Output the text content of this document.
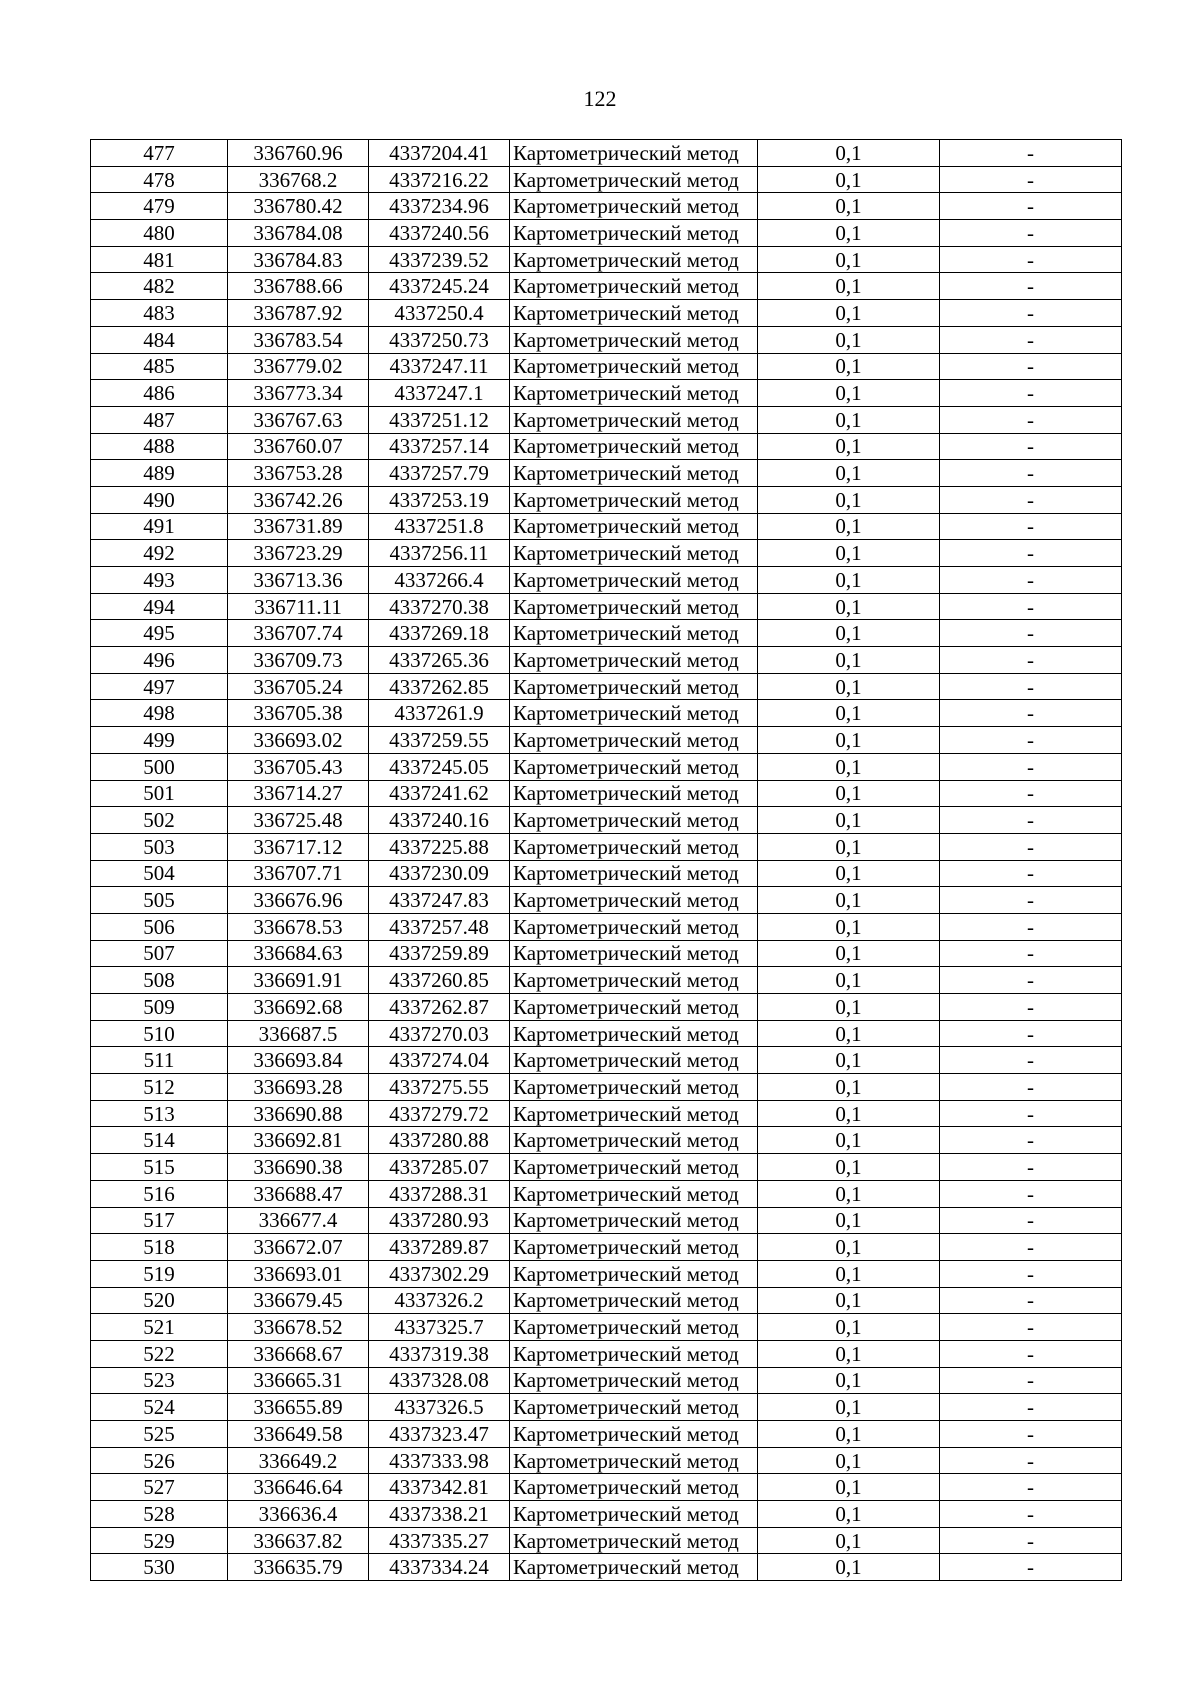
122
477	336760.96	4337204.41	Картометрический метод	0,1	-
478	336768.2	4337216.22	Картометрический метод	0,1	-
479	336780.42	4337234.96	Картометрический метод	0,1	-
480	336784.08	4337240.56	Картометрический метод	0,1	-
481	336784.83	4337239.52	Картометрический метод	0,1	-
482	336788.66	4337245.24	Картометрический метод	0,1	-
483	336787.92	4337250.4	Картометрический метод	0,1	-
484	336783.54	4337250.73	Картометрический метод	0,1	-
485	336779.02	4337247.11	Картометрический метод	0,1	-
486	336773.34	4337247.1	Картометрический метод	0,1	-
487	336767.63	4337251.12	Картометрический метод	0,1	-
488	336760.07	4337257.14	Картометрический метод	0,1	-
489	336753.28	4337257.79	Картометрический метод	0,1	-
490	336742.26	4337253.19	Картометрический метод	0,1	-
491	336731.89	4337251.8	Картометрический метод	0,1	-
492	336723.29	4337256.11	Картометрический метод	0,1	-
493	336713.36	4337266.4	Картометрический метод	0,1	-
494	336711.11	4337270.38	Картометрический метод	0,1	-
495	336707.74	4337269.18	Картометрический метод	0,1	-
496	336709.73	4337265.36	Картометрический метод	0,1	-
497	336705.24	4337262.85	Картометрический метод	0,1	-
498	336705.38	4337261.9	Картометрический метод	0,1	-
499	336693.02	4337259.55	Картометрический метод	0,1	-
500	336705.43	4337245.05	Картометрический метод	0,1	-
501	336714.27	4337241.62	Картометрический метод	0,1	-
502	336725.48	4337240.16	Картометрический метод	0,1	-
503	336717.12	4337225.88	Картометрический метод	0,1	-
504	336707.71	4337230.09	Картометрический метод	0,1	-
505	336676.96	4337247.83	Картометрический метод	0,1	-
506	336678.53	4337257.48	Картометрический метод	0,1	-
507	336684.63	4337259.89	Картометрический метод	0,1	-
508	336691.91	4337260.85	Картометрический метод	0,1	-
509	336692.68	4337262.87	Картометрический метод	0,1	-
510	336687.5	4337270.03	Картометрический метод	0,1	-
511	336693.84	4337274.04	Картометрический метод	0,1	-
512	336693.28	4337275.55	Картометрический метод	0,1	-
513	336690.88	4337279.72	Картометрический метод	0,1	-
514	336692.81	4337280.88	Картометрический метод	0,1	-
515	336690.38	4337285.07	Картометрический метод	0,1	-
516	336688.47	4337288.31	Картометрический метод	0,1	-
517	336677.4	4337280.93	Картометрический метод	0,1	-
518	336672.07	4337289.87	Картометрический метод	0,1	-
519	336693.01	4337302.29	Картометрический метод	0,1	-
520	336679.45	4337326.2	Картометрический метод	0,1	-
521	336678.52	4337325.7	Картометрический метод	0,1	-
522	336668.67	4337319.38	Картометрический метод	0,1	-
523	336665.31	4337328.08	Картометрический метод	0,1	-
524	336655.89	4337326.5	Картометрический метод	0,1	-
525	336649.58	4337323.47	Картометрический метод	0,1	-
526	336649.2	4337333.98	Картометрический метод	0,1	-
527	336646.64	4337342.81	Картометрический метод	0,1	-
528	336636.4	4337338.21	Картометрический метод	0,1	-
529	336637.82	4337335.27	Картометрический метод	0,1	-
530	336635.79	4337334.24	Картометрический метод	0,1	-
